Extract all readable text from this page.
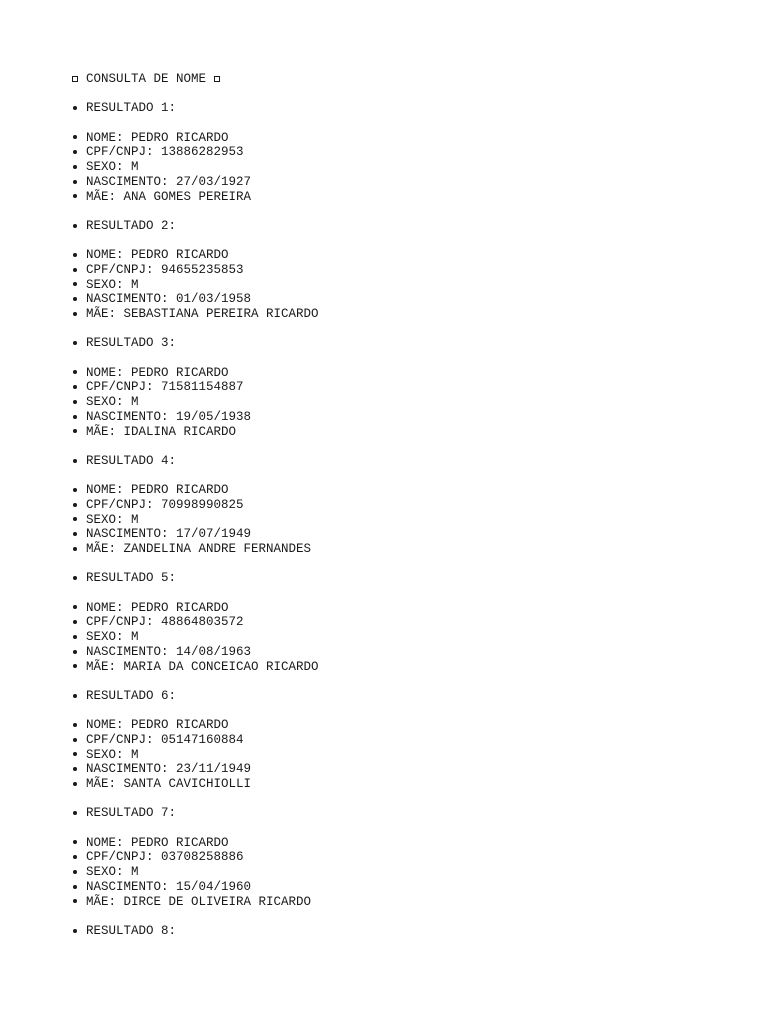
CONSULTA DE NOME
RESULTADO 1:
NOME: PEDRO RICARDO
CPF/CNPJ: 13886282953
SEXO: M
NASCIMENTO: 27/03/1927
MÃE: ANA GOMES PEREIRA
RESULTADO 2:
NOME: PEDRO RICARDO
CPF/CNPJ: 94655235853
SEXO: M
NASCIMENTO: 01/03/1958
MÃE: SEBASTIANA PEREIRA RICARDO
RESULTADO 3:
NOME: PEDRO RICARDO
CPF/CNPJ: 71581154887
SEXO: M
NASCIMENTO: 19/05/1938
MÃE: IDALINA RICARDO
RESULTADO 4:
NOME: PEDRO RICARDO
CPF/CNPJ: 70998990825
SEXO: M
NASCIMENTO: 17/07/1949
MÃE: ZANDELINA ANDRE FERNANDES
RESULTADO 5:
NOME: PEDRO RICARDO
CPF/CNPJ: 48864803572
SEXO: M
NASCIMENTO: 14/08/1963
MÃE: MARIA DA CONCEICAO RICARDO
RESULTADO 6:
NOME: PEDRO RICARDO
CPF/CNPJ: 05147160884
SEXO: M
NASCIMENTO: 23/11/1949
MÃE: SANTA CAVICHIOLLI
RESULTADO 7:
NOME: PEDRO RICARDO
CPF/CNPJ: 03708258886
SEXO: M
NASCIMENTO: 15/04/1960
MÃE: DIRCE DE OLIVEIRA RICARDO
RESULTADO 8:
